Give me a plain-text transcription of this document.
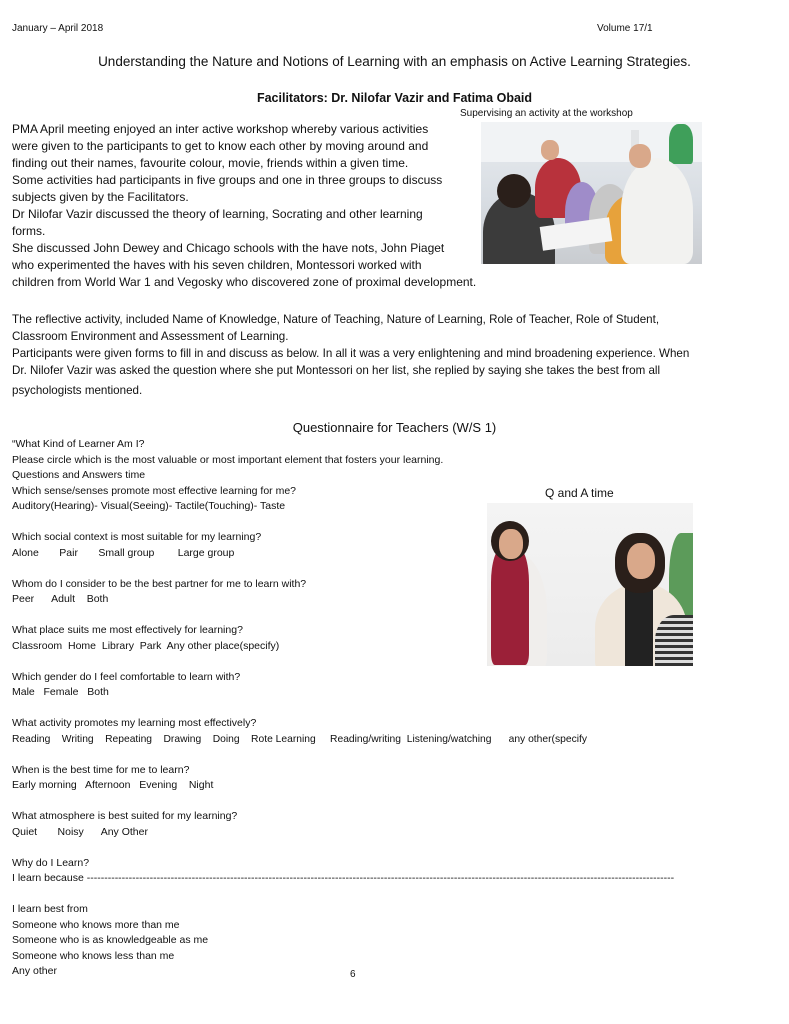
January – April 2018	Volume 17/1
Understanding the Nature and Notions of Learning with an emphasis on Active Learning Strategies.
Facilitators: Dr. Nilofar Vazir and Fatima Obaid
Supervising an activity at the workshop
PMA April meeting enjoyed an inter active workshop whereby various activities
were given to the participants to get to know each other by moving around and
finding out their names, favourite colour, movie, friends within a given time.
Some activities had participants in five groups and one in three groups to discuss
subjects given by the Facilitators.
Dr Nilofar Vazir discussed the theory of learning, Socrating and other learning
forms.
She discussed John Dewey and Chicago schools with the have nots, John Piaget
who experimented the haves with his seven children, Montessori worked with
children from World War 1 and Vegosky who discovered zone of proximal development.
The reflective activity, included Name of Knowledge, Nature of Teaching, Nature of Learning, Role of Teacher, Role of Student,
Classroom Environment and Assessment of Learning.
Participants were given forms to fill in and discuss as below. In all it was a very enlightening and mind broadening experience. When
Dr. Nilofer Vazir was asked the question where she put Montessori on her list, she replied by saying she takes the best from all
psychologists mentioned.
Questionnaire for Teachers (W/S 1)
Q and A time
“What Kind of Learner Am I?
Please circle which is the most valuable or most important element that fosters your learning.
Questions and Answers time
Which sense/senses promote most effective learning for me?
Auditory(Hearing)- Visual(Seeing)- Tactile(Touching)- Taste
Which social context is most suitable for my learning?
Alone       Pair       Small group        Large group
Whom do I consider to be the best partner for me to learn with?
Peer      Adult    Both
What place suits me most effectively for learning?
Classroom  Home  Library  Park  Any other place(specify)
Which gender do I feel comfortable to learn with?
Male   Female   Both
What activity promotes my learning most effectively?
Reading    Writing    Repeating    Drawing    Doing    Rote Learning     Reading/writing  Listening/watching      any other(specify
When is the best time for me to learn?
Early morning   Afternoon   Evening    Night
What atmosphere is best suited for my learning?
Quiet       Noisy      Any Other
Why do I Learn?
I learn because ------------------------------------------------------------------------------------------------------------------------------------------------------------------------
I learn best from
Someone who knows more than me
Someone who is as knowledgeable as me
Someone who knows less than me
Any other	6
